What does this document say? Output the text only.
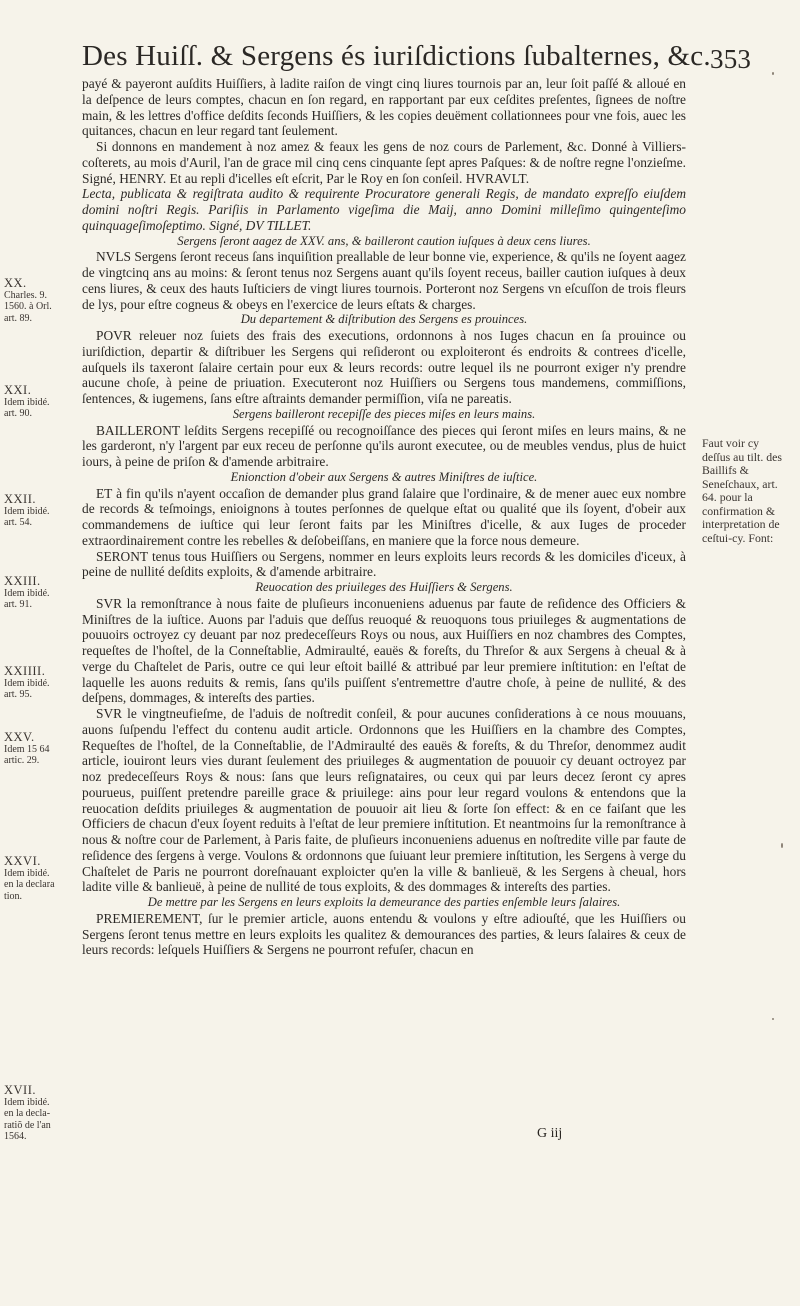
Des Huiſſ. & Sergens és iuriſdictions ſubalternes, &c. 353

payé & payeront auſdits Huiſſiers, à ladite raiſon de vingt cinq liures tournois par an, leur ſoit paſſé & alloué en la deſpence de leurs comptes, chacun en ſon regard, en rapportant par eux ceſdites preſentes, ſignees de noſtre main, & les lettres d'office deſdits ſeconds Huiſſiers, & les copies deuëment collationnees pour vne fois, auec les quitances, chacun en leur regard tant ſeulement.

Si donnons en mandement à noz amez & feaux les gens de noz cours de Parlement, &c. Donné à Villiers-coſterets, au mois d'Auril, l'an de grace mil cinq cens cinquante ſept apres Paſques: & de noſtre regne l'onzieſme. Signé, HENRY. Et au repli d'icelles eſt eſcrit, Par le Roy en ſon conſeil. HVRAVLT.

Lecta, publicata & regiſtrata audito & requirente Procuratore generali Regis, de mandato expreſſo eiuſdem domini noſtri Regis. Pariſiis in Parlamento vigeſima die Maij, anno Domini milleſimo quingenteſimo quinquageſimoſeptimo. Signé, DV TILLET.

Sergens ſeront aagez de XXV. ans, & bailleront caution iuſques à deux cens liures.

NVLS Sergens ſeront receus ſans inquiſition preallable de leur bonne vie, experience, & qu'ils ne ſoyent aagez de vingtcinq ans au moins: & ſeront tenus noz Sergens auant qu'ils ſoyent receus, bailler caution iuſques à deux cens liures, & ceux des hauts Iuſticiers de vingt liures tournois. Porteront noz Sergens vn eſcuſſon de trois fleurs de lys, pour eſtre cogneus & obeys en l'exercice de leurs eſtats & charges.

Du departement & diſtribution des Sergens es prouinces.

POVR releuer noz ſuiets des frais des executions, ordonnons à nos Iuges chacun en ſa prouince ou iuriſdiction, departir & diſtribuer les Sergens qui reſideront ou exploiteront és endroits & contrees d'icelle, auſquels ils taxeront ſalaire certain pour eux & leurs records: outre lequel ils ne pourront exiger n'y prendre aucune choſe, à peine de priuation. Executeront noz Huiſſiers ou Sergens tous mandemens, commiſſions, ſentences, & iugemens, ſans eſtre aſtraints demander permiſſion, viſa ne pareatis.

Sergens bailleront recepiſſe des pieces miſes en leurs mains.

BAILLERONT leſdits Sergens recepiſſé ou recognoiſſance des pieces qui ſeront miſes en leurs mains, & ne les garderont, n'y l'argent par eux receu de perſonne qu'ils auront executee, ou de meubles vendus, plus de huict iours, à peine de priſon & d'amende arbitraire.

Enionction d'obeir aux Sergens & autres Miniſtres de iuſtice.

ET à fin qu'ils n'ayent occaſion de demander plus grand ſalaire que l'ordinaire, & de mener auec eux nombre de records & teſmoings, enioignons à toutes perſonnes de quelque eſtat ou qualité que ils ſoyent, d'obeir aux commandemens de iuſtice qui leur ſeront faits par les Miniſtres d'icelle, & aux Iuges de proceder extraordinairement contre les rebelles & deſobeiſſans, en maniere que la force nous demeure.

SERONT tenus tous Huiſſiers ou Sergens, nommer en leurs exploits leurs records & les domiciles d'iceux, à peine de nullité deſdits exploits, & d'amende arbitraire.

Reuocation des priuileges des Huiſſiers & Sergens.

SVR la remonſtrance à nous faite de pluſieurs inconueniens aduenus par faute de reſidence des Officiers & Miniſtres de la iuſtice. Auons par l'aduis que deſſus reuoqué & reuoquons tous priuileges & augmentations de pouuoirs octroyez cy deuant par noz predeceſſeurs Roys ou nous, aux Huiſſiers en noz chambres des Comptes, requeſtes de l'hoſtel, de la Conneſtablie, Admiraulté, eauës & foreſts, du Threſor & aux Sergens à cheual & à verge du Chaſtelet de Paris, outre ce qui leur eſtoit baillé & attribué par leur premiere inſtitution: en l'eſtat de laquelle les auons reduits & remis, ſans qu'ils puiſſent s'entremettre d'autre choſe, à peine de nullité, & des deſpens, dommages, & intereſts des parties.

SVR le vingtneufieſme, de l'aduis de noſtredit conſeil, & pour aucunes conſiderations à ce nous mouuans, auons ſuſpendu l'effect du contenu audit article. Ordonnons que les Huiſſiers en la chambre des Comptes, Requeſtes de l'hoſtel, de la Conneſtablie, de l'Admiraulté des eauës & foreſts, & du Threſor, denommez audit article, iouiront leurs vies durant ſeulement des priuileges & augmentation de pouuoir cy deuant octroyez par noz predeceſſeurs Roys & nous: ſans que leurs reſignataires, ou ceux qui par leurs decez ſeront cy apres pourueus, puiſſent pretendre pareille grace & priuilege: ains pour leur regard voulons & entendons que la reuocation deſdits priuileges & augmentation de pouuoir ait lieu & ſorte ſon effect: & en ce faiſant que les Officiers de chacun d'eux ſoyent reduits à l'eſtat de leur premiere inſtitution. Et neantmoins ſur la remonſtrance à nous & noſtre cour de Parlement, à Paris faite, de pluſieurs inconueniens aduenus en noſtredite ville par faute de reſidence des ſergens à verge. Voulons & ordonnons que ſuiuant leur premiere inſtitution, les Sergens à verge du Chaſtelet de Paris ne pourront doreſnauant exploicter qu'en la ville & banlieuë, & les Sergens à cheual, hors ladite ville & banlieuë, à peine de nullité de tous exploits, & des dommages & intereſts des parties.

De mettre par les Sergens en leurs exploits la demeurance des parties enſemble leurs ſalaires.

PREMIEREMENT, ſur le premier article, auons entendu & voulons y eſtre adiouſté, que les Huiſſiers ou Sergens ſeront tenus mettre en leurs exploits les qualitez & demourances des parties, & leurs ſalaires & ceux de leurs records: leſquels Huiſſiers & Sergens ne pourront refuſer, chacun en

XX.
Charles. 9.
1560. à Orl.
art. 89.
XXI.
Idem ibidé.
art. 90.
XXII.
Idem ibidé.
art. 54.
XXIII.
Idem ibidé.
art. 91.
XXIIII.
Idem ibidé.
art. 95.
XXV.
Idem 15 64
artic. 29.
XXVI.
Idem ibidé.
en la declara
tion.
XVII.
Idem ibidé.
en la decla-
ratiõ de l'an
1564.
Faut voir cy deſſus au tilt. des Baillifs & Seneſchaux, art. 64. pour la confirmation & interpretation de ceſtui-cy. Font:
G iij
